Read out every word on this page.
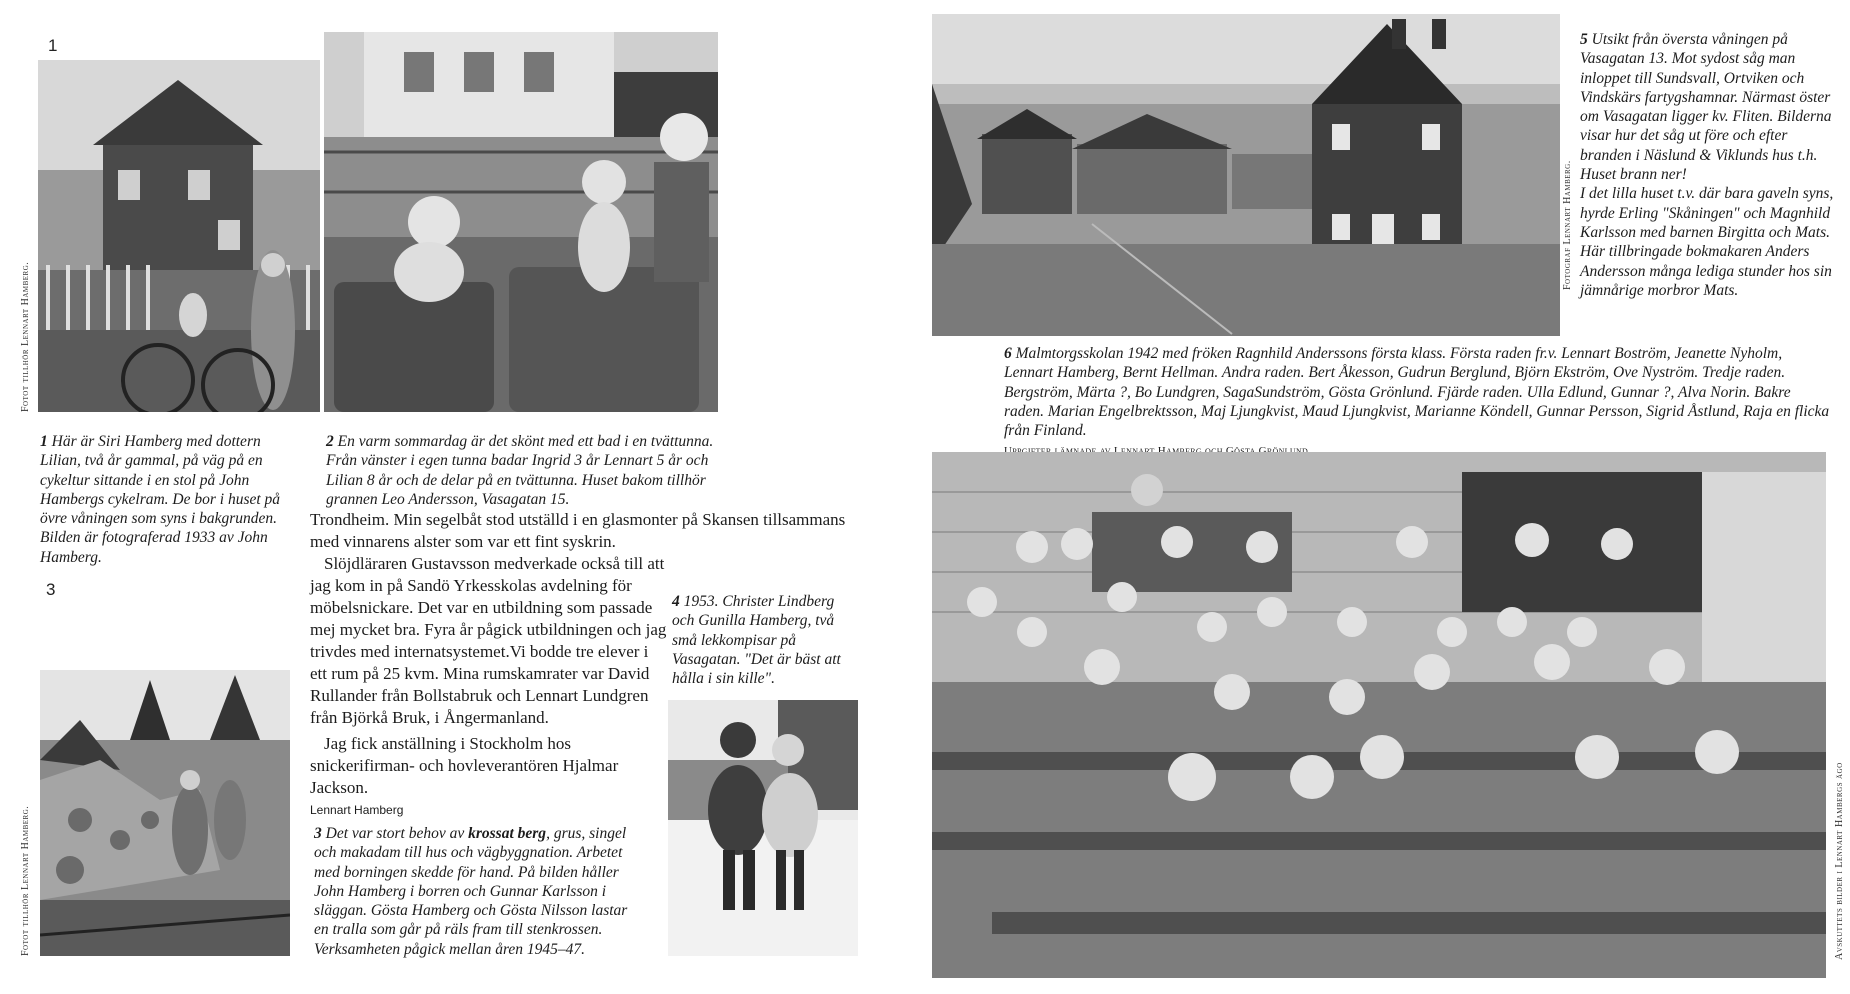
1
Fotot tillhör Lennart Hamberg.
1 Här är Siri Hamberg med dottern Lilian, två år gammal, på väg på en cykeltur sittande i en stol på John Hambergs cykelram. De bor i huset på övre våningen som syns i bakgrunden. Bilden är fotograferad 1933 av John Hamberg.
2 En varm sommardag är det skönt med ett bad i en tvättunna. Från vänster i egen tunna badar Ingrid 3 år Lennart 5 år och Lilian 8 år och de delar på en tvättunna. Huset bakom tillhör grannen Leo Andersson, Vasagatan 15.

Trondheim. Min segelbåt stod utställd i en glasmonter på Skansen tillsammans med vinnarens alster som var ett fint syskrin.

Slöjdläraren Gustavsson medverkade också till att jag kom in på Sandö Yrkesskolas avdelning för möbelsnickare. Det var en utbildning som passade mej mycket bra. Fyra år pågick utbildningen och jag trivdes med internatsystemet.Vi bodde tre elever i ett rum på 25 kvm. Mina rumskamrater var David Rullander från Bollstabruk och Lennart Lundgren från Björkå Bruk, i Ångermanland.

Jag fick anställning i Stockholm hos snickerifirman- och hovleverantören Hjalmar Jackson.

Lennart Hamberg

3
Fotot tillhör Lennart Hamberg.	3 Det var stort behov av krossat berg, grus, singel och makadam till hus och vägbyggnation. Arbetet med borningen skedde för hand. På bilden håller John Hamberg i borren och Gunnar Karlsson i släggan. Gösta Hamberg och Gösta Nilsson lastar en tralla som går på räls fram till stenkrossen. Verksamheten pågick mellan åren 1945–47.
4 1953. Christer Lindberg och Gunilla Hamberg, två små lekkompisar på Vasagatan. "Det är bäst att hålla i sin kille".
Fotograf Lennart Hamberg.
5 Utsikt från översta våningen på Vasagatan 13. Mot sydost såg man inloppet till Sundsvall, Ortviken och Vindskärs fartygshamnar. Närmast öster om Vasagatan ligger kv. Fliten. Bilderna visar hur det såg ut före och efter branden i Näslund & Viklunds hus t.h. Huset brann ner!
I det lilla huset t.v. där bara gaveln syns, hyrde Erling "Skåningen" och Magnhild Karlsson med barnen Birgitta och Mats. Här tillbringade bokmakaren Anders Andersson många lediga stunder hos sin jämnårige morbror Mats.
6 Malmtorgsskolan 1942 med fröken Ragnhild Anderssons första klass. Första raden fr.v. Lennart Boström, Jeanette Nyholm, Lennart Hamberg, Bernt Hellman. Andra raden. Bert Åkesson, Gudrun Berglund, Björn Ekström, Ove Nyström. Tredje raden. Bergström, Märta ?, Bo Lundgren, SagaSundström, Gösta Grönlund. Fjärde raden. Ulla Edlund, Gunnar ?, Alva Norin. Bakre raden. Marian Engelbrektsson, Maj Ljungkvist, Maud Ljungkvist, Marianne Köndell, Gunnar Persson, Sigrid Åstlund, Raja en flicka från Finland.

Avskuttets bilder i Lennart Hambergs ägo
